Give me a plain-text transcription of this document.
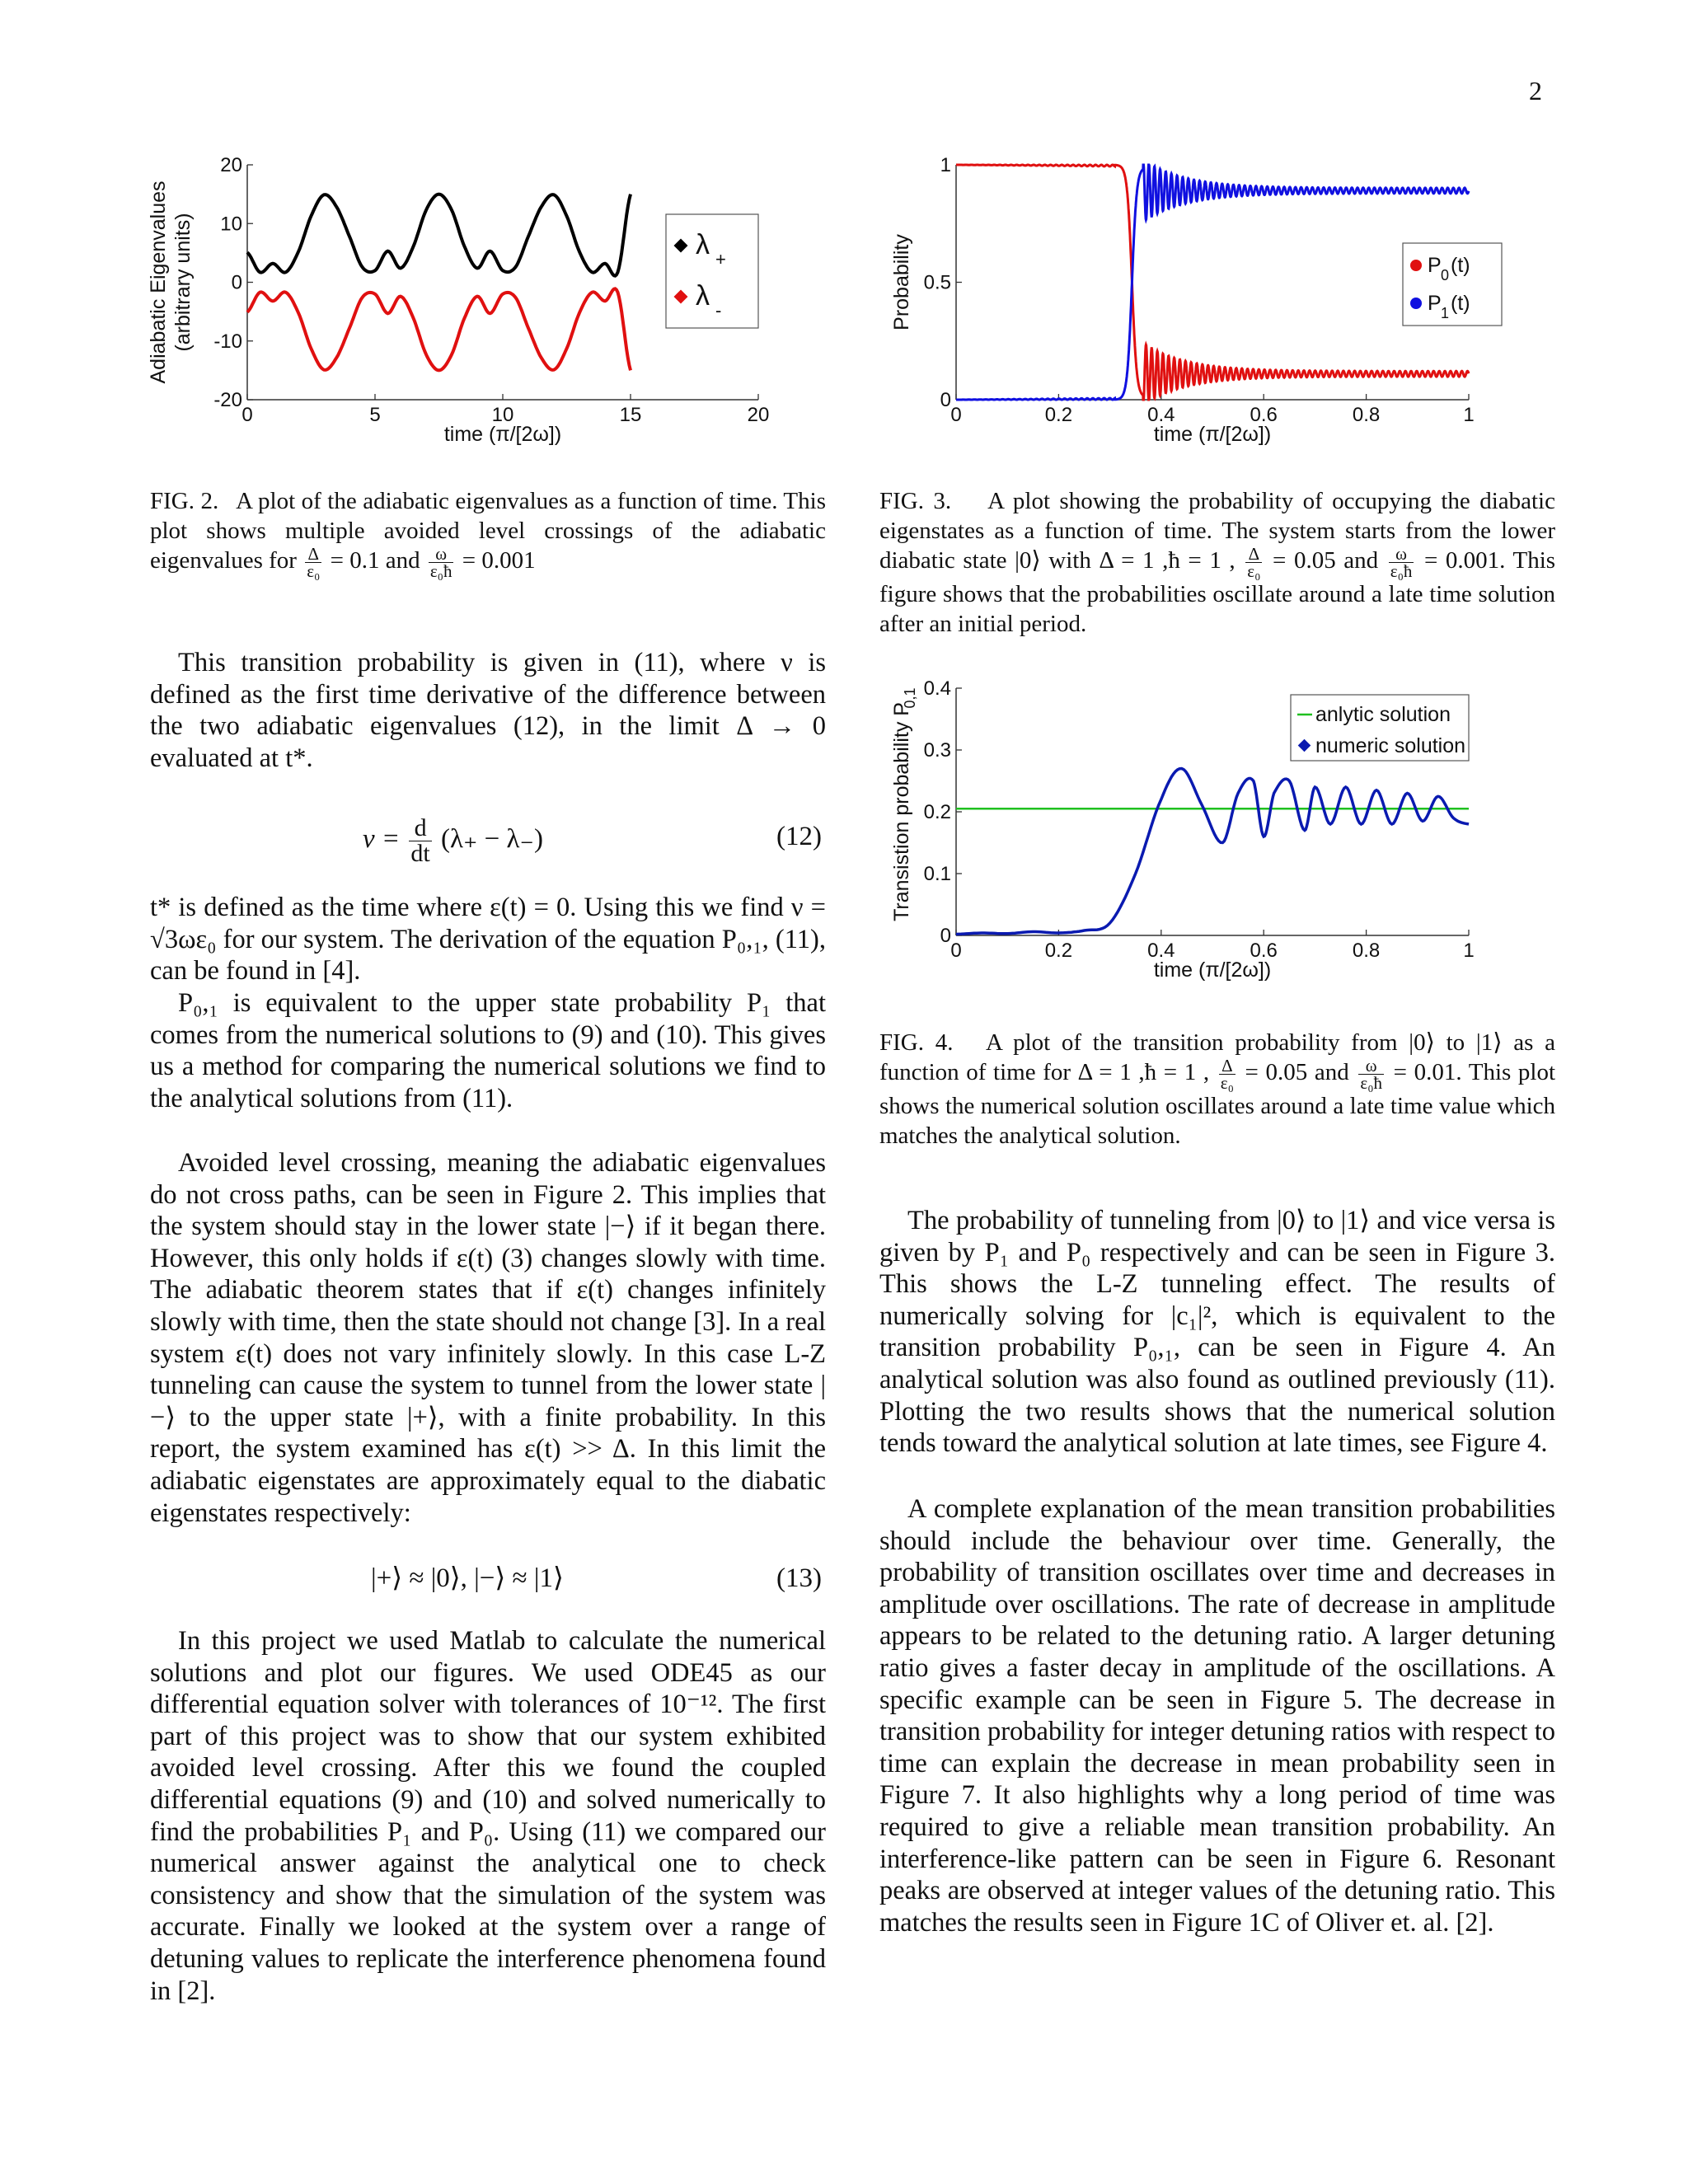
2
0	5	10	15	20
-20
-10
0
10
20
time (π/[2ω])
Adiabatic Eigenvalues (arbitrary units)	λ +
λ -
0	0.2	0.4	0.6	0.8	1
0
0.5
1
time (π/[2ω])
Probability	P 0 (t)
P 1 (t)
0	0.2	0.4	0.6	0.8	1
0
0.1
0.2
0.3
0.4
time (π/[2ω])
Transistion probability P
0,1
anlytic solution
numeric solution
FIG. 2. A plot of the adiabatic eigenvalues as a function of time. This plot shows multiple avoided level crossings of the adiabatic eigenvalues for $\frac{\Delta}{\text{ε₀}} = 0.1$ and $\frac{\omega}{\text{ε₀ħ}} = 0.001$

This transition probability is given in (11), where ν is defined as the first time derivative of the difference between the two adiabatic eigenvalues (12), in the limit Δ → 0 evaluated at t*.

$\nu = \frac{d}{dt} (\lambda_+ - \lambda_-)$	(12)

t* is defined as the time where ε(t) = 0. Using this we find ν = √3ωε₀ for our system. The derivation of the equation P₀,₁, (11), can be found in [4].

P₀,₁ is equivalent to the upper state probability P₁ that comes from the numerical solutions to (9) and (10). This gives us a method for comparing the numerical solutions we find to the analytical solutions from (11).

Avoided level crossing, meaning the adiabatic eigenvalues do not cross paths, can be seen in Figure 2. This implies that the system should stay in the lower state |−⟩ if it began there. However, this only holds if ε(t) (3) changes slowly with time. The adiabatic theorem states that if ε(t) changes infinitely slowly with time, then the state should not change [3]. In a real system ε(t) does not vary infinitely slowly. In this case L-Z tunneling can cause the system to tunnel from the lower state |−⟩ to the upper state |+⟩, with a finite probability. In this report, the system examined has ε(t) >> Δ. In this limit the adiabatic eigenstates are approximately equal to the diabatic eigenstates respectively:

|+⟩ ≈ |0⟩, |−⟩ ≈ |1⟩	(13)

In this project we used Matlab to calculate the numerical solutions and plot our figures. We used ODE45 as our differential equation solver with tolerances of 10⁻¹². The first part of this project was to show that our system exhibited avoided level crossing. After this we found the coupled differential equations (9) and (10) and solved numerically to find the probabilities P₁ and P₀. Using (11) we compared our numerical answer against the analytical one to check consistency and show that the simulation of the system was accurate. Finally we looked at the system over a range of detuning values to replicate the interference phenomena found in [2].

FIG. 3. A plot showing the probability of occupying the diabatic eigenstates as a function of time. The system starts from the lower diabatic state |0⟩ with Δ = 1 ,ħ = 1 , $\frac{\Delta}{\text{ε₀}} = 0.05$ and $\frac{\omega}{\text{ε₀ħ}} = 0.001$. This figure shows that the probabilities oscillate around a late time solution after an initial period.
FIG. 4. A plot of the transition probability from |0⟩ to |1⟩ as a function of time for Δ = 1 ,ħ = 1 , $\frac{\Delta}{\text{ε₀}} = 0.05$ and $\frac{\omega}{\text{ε₀ħ}} = 0.01$. This plot shows the numerical solution oscillates around a late time value which matches the analytical solution.

The probability of tunneling from |0⟩ to |1⟩ and vice versa is given by P₁ and P₀ respectively and can be seen in Figure 3. This shows the L-Z tunneling effect. The results of numerically solving for |c₁|², which is equivalent to the transition probability P₀,₁, can be seen in Figure 4. An analytical solution was also found as outlined previously (11). Plotting the two results shows that the numerical solution tends toward the analytical solution at late times, see Figure 4.

A complete explanation of the mean transition probabilities should include the behaviour over time. Generally, the probability of transition oscillates over time and decreases in amplitude over oscillations. The rate of decrease in amplitude appears to be related to the detuning ratio. A larger detuning ratio gives a faster decay in amplitude of the oscillations. A specific example can be seen in Figure 5. The decrease in transition probability for integer detuning ratios with respect to time can explain the decrease in mean probability seen in Figure 7. It also highlights why a long period of time was required to give a reliable mean transition probability. An interference-like pattern can be seen in Figure 6. Resonant peaks are observed at integer values of the detuning ratio. This matches the results seen in Figure 1C of Oliver et. al. [2].
